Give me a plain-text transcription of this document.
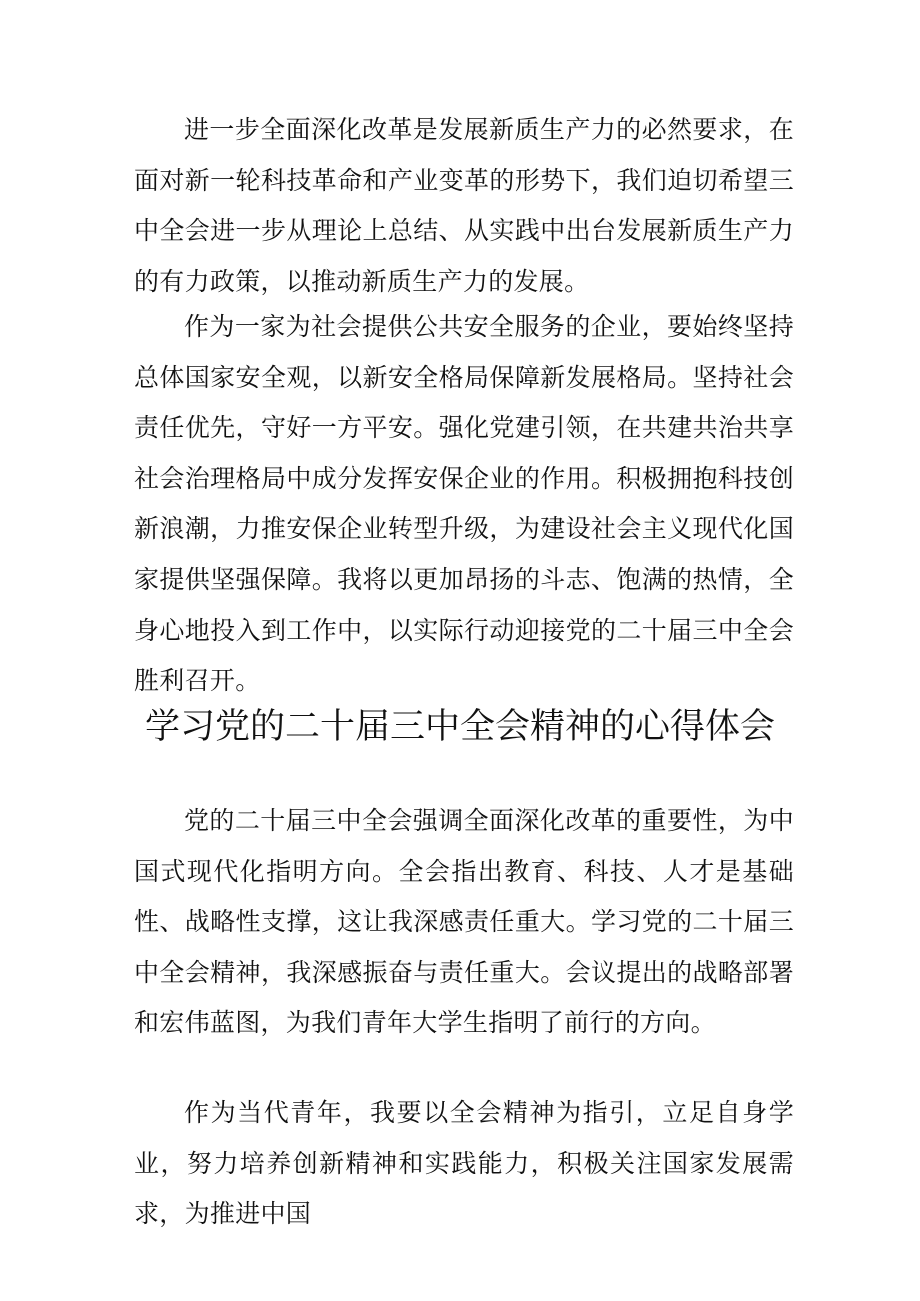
进一步全面深化改革是发展新质生产力的必然要求，在面对新一轮科技革命和产业变革的形势下，我们迫切希望三中全会进一步从理论上总结、从实践中出台发展新质生产力的有力政策，以推动新质生产力的发展。

作为一家为社会提供公共安全服务的企业，要始终坚持总体国家安全观，以新安全格局保障新发展格局。坚持社会责任优先，守好一方平安。强化党建引领，在共建共治共享社会治理格局中成分发挥安保企业的作用。积极拥抱科技创新浪潮，力推安保企业转型升级，为建设社会主义现代化国家提供坚强保障。我将以更加昂扬的斗志、饱满的热情，全身心地投入到工作中，以实际行动迎接党的二十届三中全会胜利召开。

学习党的二十届三中全会精神的心得体会

党的二十届三中全会强调全面深化改革的重要性，为中国式现代化指明方向。全会指出教育、科技、人才是基础性、战略性支撑，这让我深感责任重大。学习党的二十届三中全会精神，我深感振奋与责任重大。会议提出的战略部署和宏伟蓝图，为我们青年大学生指明了前行的方向。

作为当代青年，我要以全会精神为指引，立足自身学业，努力培养创新精神和实践能力，积极关注国家发展需求，为推进中国
